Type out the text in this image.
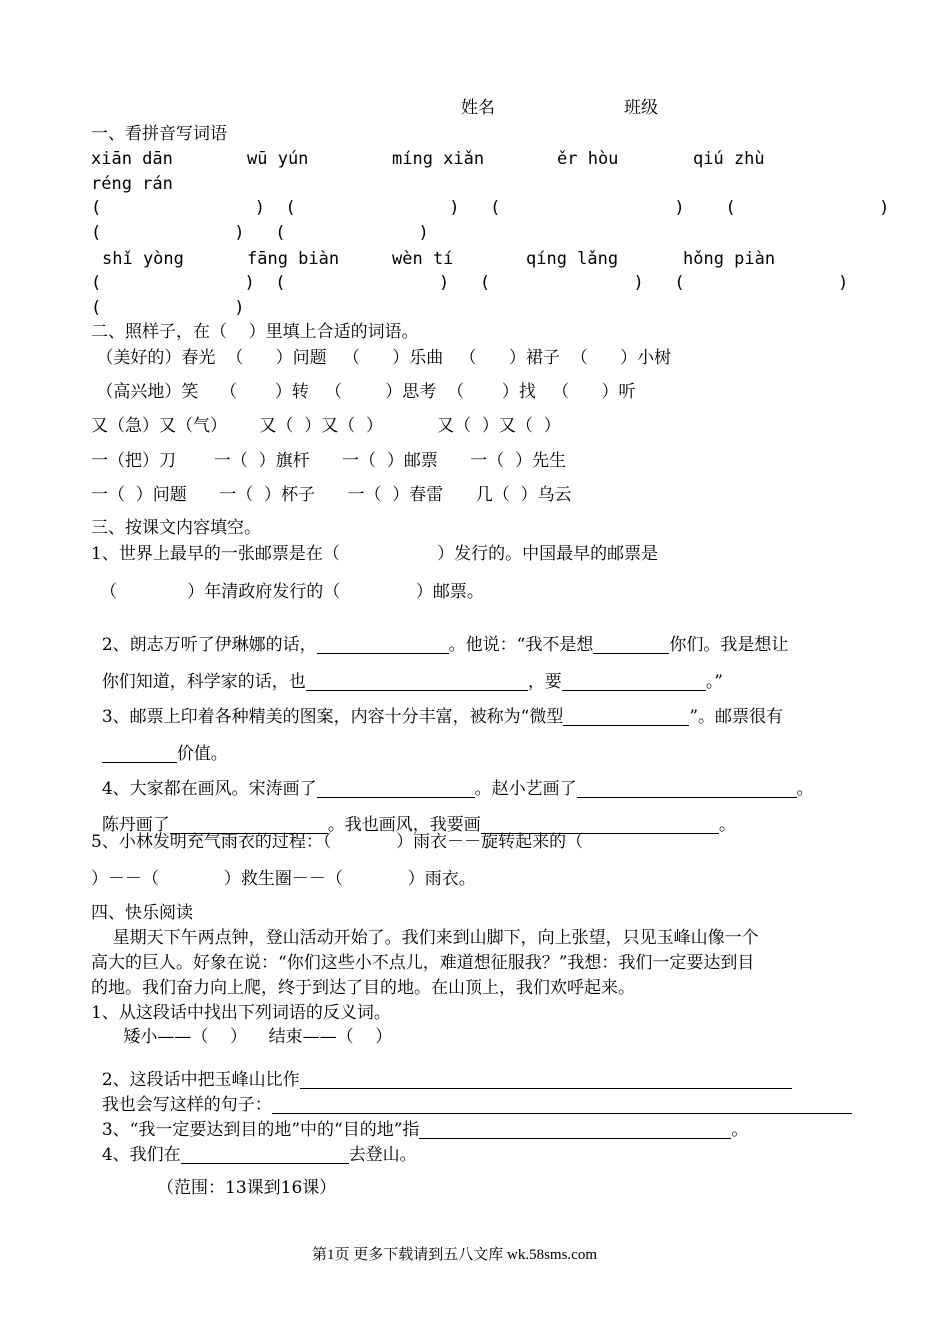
姓名	班级
一、看拼音写词语
xiān dān	wū yún	míng xiǎn	ěr hòu	qiú zhù
réng rán
(               )  (               )   (                 )    (              )
(             )   (             )
shǐ yòng	fāng biàn	wèn tí	qíng lǎng	hǒng piàn
(              )  (               )   (              )   (               )
(             )
二、照样子，在（    ）里填上合适的词语。
（美好的）春光  （      ）问题   （      ）乐曲   （      ）裙子  （      ）小树
（高兴地）笑    （       ）转   （        ）思考  （       ）找   （      ）听
又（急）又（气）      又（  ）又（  ）          又（  ）又（  ）
一（把）刀       一（  ）旗杆      一（  ）邮票      一（  ）先生
一（  ）问题      一（  ）杯子      一（  ）春雷      几（  ）乌云
三、按课文内容填空。
1、世界上最早的一张邮票是在（                  ）发行的。中国最早的邮票是
（             ）年清政府发行的（              ）邮票。

2、朗志万听了伊琳娜的话，	。他说：“我不是想	你们。我是想让

你们知道，科学家的话，也	，要	。”

3、邮票上印着各种精美的图案，内容十分丰富，被称为“微型	”。邮票很有

价值。

4、大家都在画风。宋涛画了	。赵小艺画了	。

陈丹画了	。我也画风，我要画	。

5、小林发明充气雨衣的过程：（            ）雨衣－－旋转起来的（
）－－（            ）救生圈－－（            ）雨衣。
四、快乐阅读
星期天下午两点钟，登山活动开始了。我们来到山脚下，向上张望，只见玉峰山像一个
高大的巨人。好象在说：“你们这些小不点儿，难道想征服我？”我想：我们一定要达到目
的地。我们奋力向上爬，终于到达了目的地。在山顶上，我们欢呼起来。
1、从这段话中找出下列词语的反义词。
矮小——（    ）    结束——（    ）

2、这段话中把玉峰山比作

我也会写这样的句子：

3、“我一定要达到目的地”中的“目的地”指	。

4、我们在	去登山。

（范围：13课到16课）
第1页 更多下载请到五八文库 wk.58sms.com
